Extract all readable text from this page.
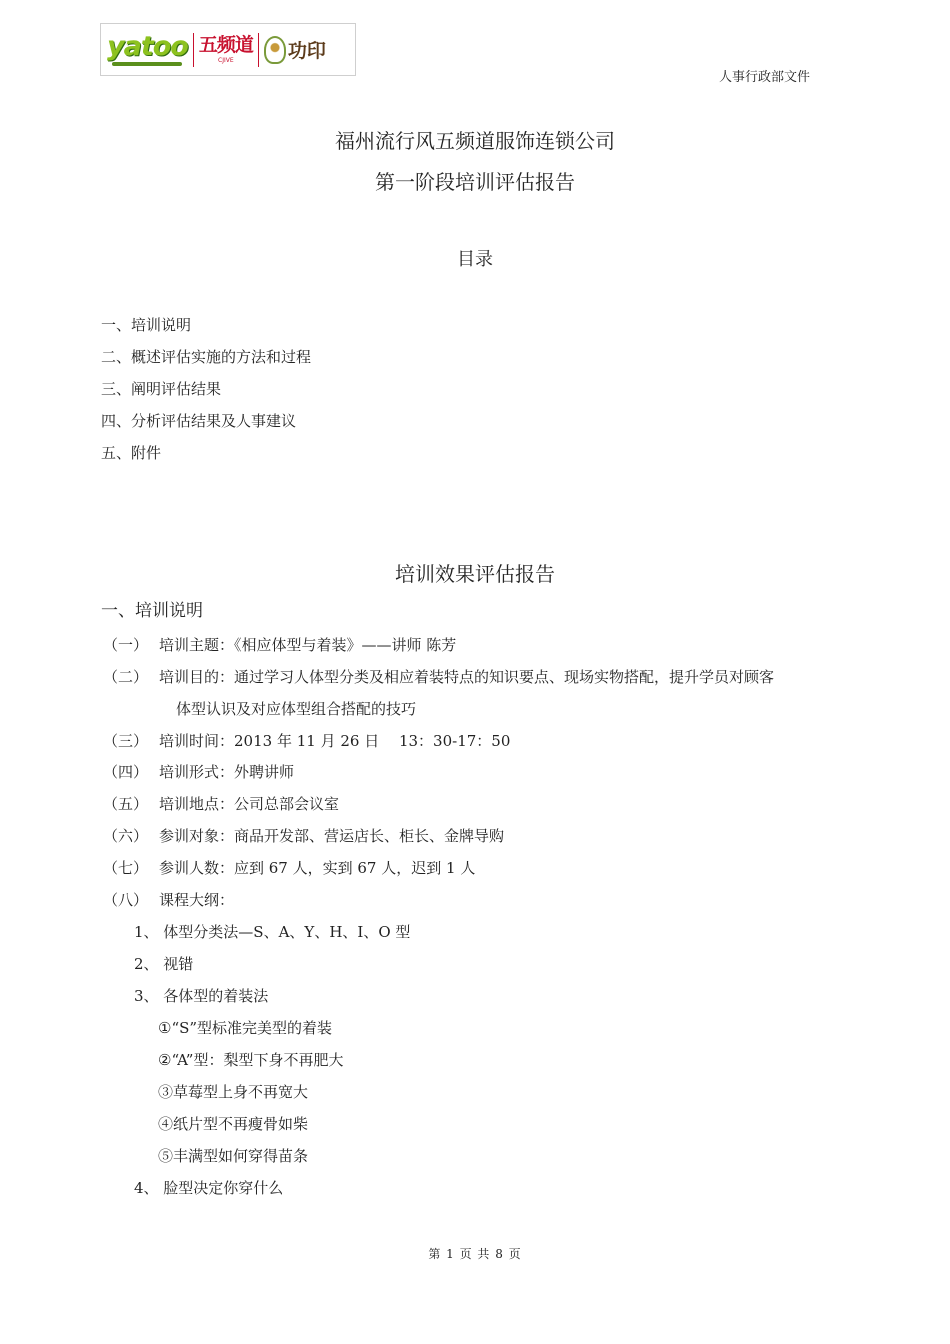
yatoo 五频道
CJIVE	功印
人事行政部文件
福州流行风五频道服饰连锁公司
第一阶段培训评估报告
目录
一、培训说明
二、概述评估实施的方法和过程
三、阐明评估结果
四、分析评估结果及人事建议
五、附件
培训效果评估报告
一、培训说明
（一） 培训主题：《相应体型与着装》——讲师 陈芳
（二） 培训目的：通过学习人体型分类及相应着装特点的知识要点、现场实物搭配，提升学员对顾客
体型认识及对应体型组合搭配的技巧
（三） 培训时间：2013 年 11 月 26 日　 13：30-17：50
（四） 培训形式：外聘讲师
（五） 培训地点：公司总部会议室
（六） 参训对象：商品开发部、营运店长、柜长、金牌导购
（七） 参训人数：应到 67 人，实到 67 人，迟到 1 人
（八） 课程大纲：
1、 体型分类法—S、A、Y、H、I、O 型
2、 视错
3、 各体型的着装法
①“S”型标准完美型的着装
②“A”型：梨型下身不再肥大
③草莓型上身不再宽大
④纸片型不再瘦骨如柴
⑤丰满型如何穿得苗条
4、 脸型决定你穿什么
第 1 页 共 8 页
